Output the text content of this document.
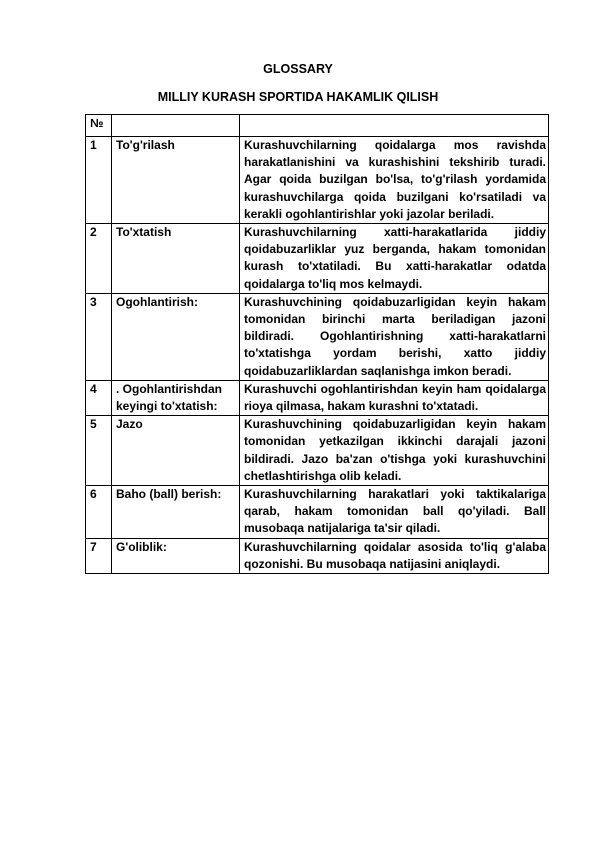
GLOSSARY
MILLIY KURASH SPORTIDA HAKAMLIK QILISH
№		
1	To'g'rilash	Kurashuvchilarning qoidalarga mos ravishda harakatlanishini va kurashishini tekshirib turadi. Agar qoida buzilgan bo'lsa, to'g'rilash yordamida kurashuvchilarga qoida buzilgani ko'rsatiladi va kerakli ogohlantirishlar yoki jazolar beriladi.
2	To'xtatish	Kurashuvchilarning xatti-harakatlarida jiddiy qoidabuzarliklar yuz berganda, hakam tomonidan kurash to'xtatiladi. Bu xatti-harakatlar odatda qoidalarga to'liq mos kelmaydi.
3	Ogohlantirish:	Kurashuvchining qoidabuzarligidan keyin hakam tomonidan birinchi marta beriladigan jazoni bildiradi. Ogohlantirishning xatti-harakatlarni to'xtatishga yordam berishi, xatto jiddiy qoidabuzarliklardan saqlanishga imkon beradi.
4	. Ogohlantirishdan keyingi to'xtatish:	Kurashuvchi ogohlantirishdan keyin ham qoidalarga rioya qilmasa, hakam kurashni to'xtatadi.
5	Jazo	Kurashuvchining qoidabuzarligidan keyin hakam tomonidan yetkazilgan ikkinchi darajali jazoni bildiradi. Jazo ba'zan o'tishga yoki kurashuvchini chetlashtirishga olib keladi.
6	Baho (ball) berish:	Kurashuvchilarning harakatlari yoki taktikalariga qarab, hakam tomonidan ball qo'yiladi. Ball musobaqa natijalariga ta'sir qiladi.
7	G'oliblik:	Kurashuvchilarning qoidalar asosida to'liq g'alaba qozonishi. Bu musobaqa natijasini aniqlaydi.
